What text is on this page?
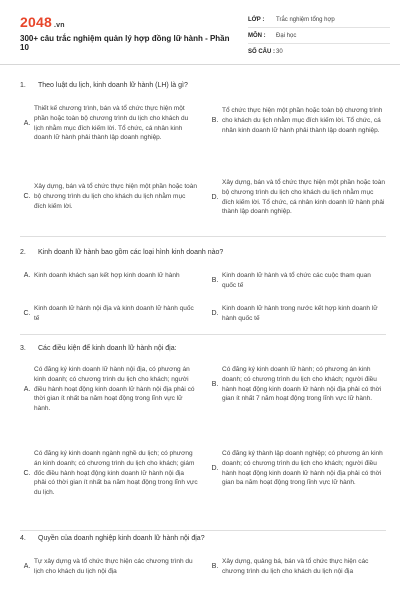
2048 .vn
300+ câu trắc nghiệm quản lý hợp đồng lữ hành - Phần 10
LỚP :	Trắc nghiệm tổng hợp
MÔN :	Đại học
SỐ CÂU : 30
1. Theo luật du lịch, kinh doanh lữ hành (LH) là gì?
A.
Thiết kế chương trình, bán và tổ chức thực hiện một phần hoặc toàn bộ chương trình du lịch cho khách du lịch nhằm mục đích kiếm lời. Tổ chức, cá nhân kinh doanh lữ hành phải thành lập doanh nghiệp.
B.
Tổ chức thực hiện một phần hoặc toàn bộ chương trình cho khách du lịch nhằm mục đích kiếm lời. Tổ chức, cá nhân kinh doanh lữ hành phải thành lập doanh nghiệp.
C.
Xây dựng, bán và tổ chức thực hiện một phần hoặc toàn bộ chương trình du lịch cho khách du lịch nhằm mục đích kiếm lời.
D.
Xây dựng, bán và tổ chức thực hiện một phần hoặc toàn bộ chương trình du lịch cho khách du lịch nhằm mục đích kiếm lời. Tổ chức, cá nhân kinh doanh lữ hành phải thành lập doanh nghiệp.
2. Kinh doanh lữ hành bao gồm các loại hình kinh doanh nào?
A. Kinh doanh khách sạn kết hợp kinh doanh lữ hành
B.
Kinh doanh lữ hành và tổ chức các cuộc tham quan quốc tế
C.
Kinh doanh lữ hành nội địa và kinh doanh lữ hành quốc tế
D.
Kinh doanh lữ hành trong nước kết hợp kinh doanh lữ hành quốc tế
3. Các điều kiện để kinh doanh lữ hành nội địa:
A.
Có đăng ký kinh doanh lữ hành nội địa, có phương án kinh doanh; có chương trình du lịch cho khách; người điều hành hoạt động kinh doanh lữ hành nội địa phải có thời gian ít nhất ba năm hoạt động trong lĩnh vực lữ hành.
B.
Có đăng ký kinh doanh lữ hành; có phương án kinh doanh; có chương trình du lịch cho khách; người điều hành hoạt động kinh doanh lữ hành nội địa phải có thời gian ít nhất 7 năm hoạt động trong lĩnh vực lữ hành.
C.
Có đăng ký kinh doanh ngành nghề du lịch; có phương án kinh doanh; có chương trình du lịch cho khách; giám đốc điều hành hoạt động kinh doanh lữ hành nội địa phải có thời gian ít nhất ba năm hoạt động trong lĩnh vực du lịch.
D.
Có đăng ký thành lập doanh nghiệp; có phương án kinh doanh; có chương trình du lịch cho khách; người điều hành hoạt động kinh doanh lữ hành nội địa phải có thời gian ba năm hoạt động trong lĩnh vực lữ hành.
4. Quyền của doanh nghiệp kinh doanh lữ hành nội địa?
A.
Tự xây dựng và tổ chức thực hiện các chương trình du lịch cho khách du lịch nội địa
B.
Xây dựng, quảng bá, bán và tổ chức thực hiện các chương trình du lịch cho khách du lịch nội địa
